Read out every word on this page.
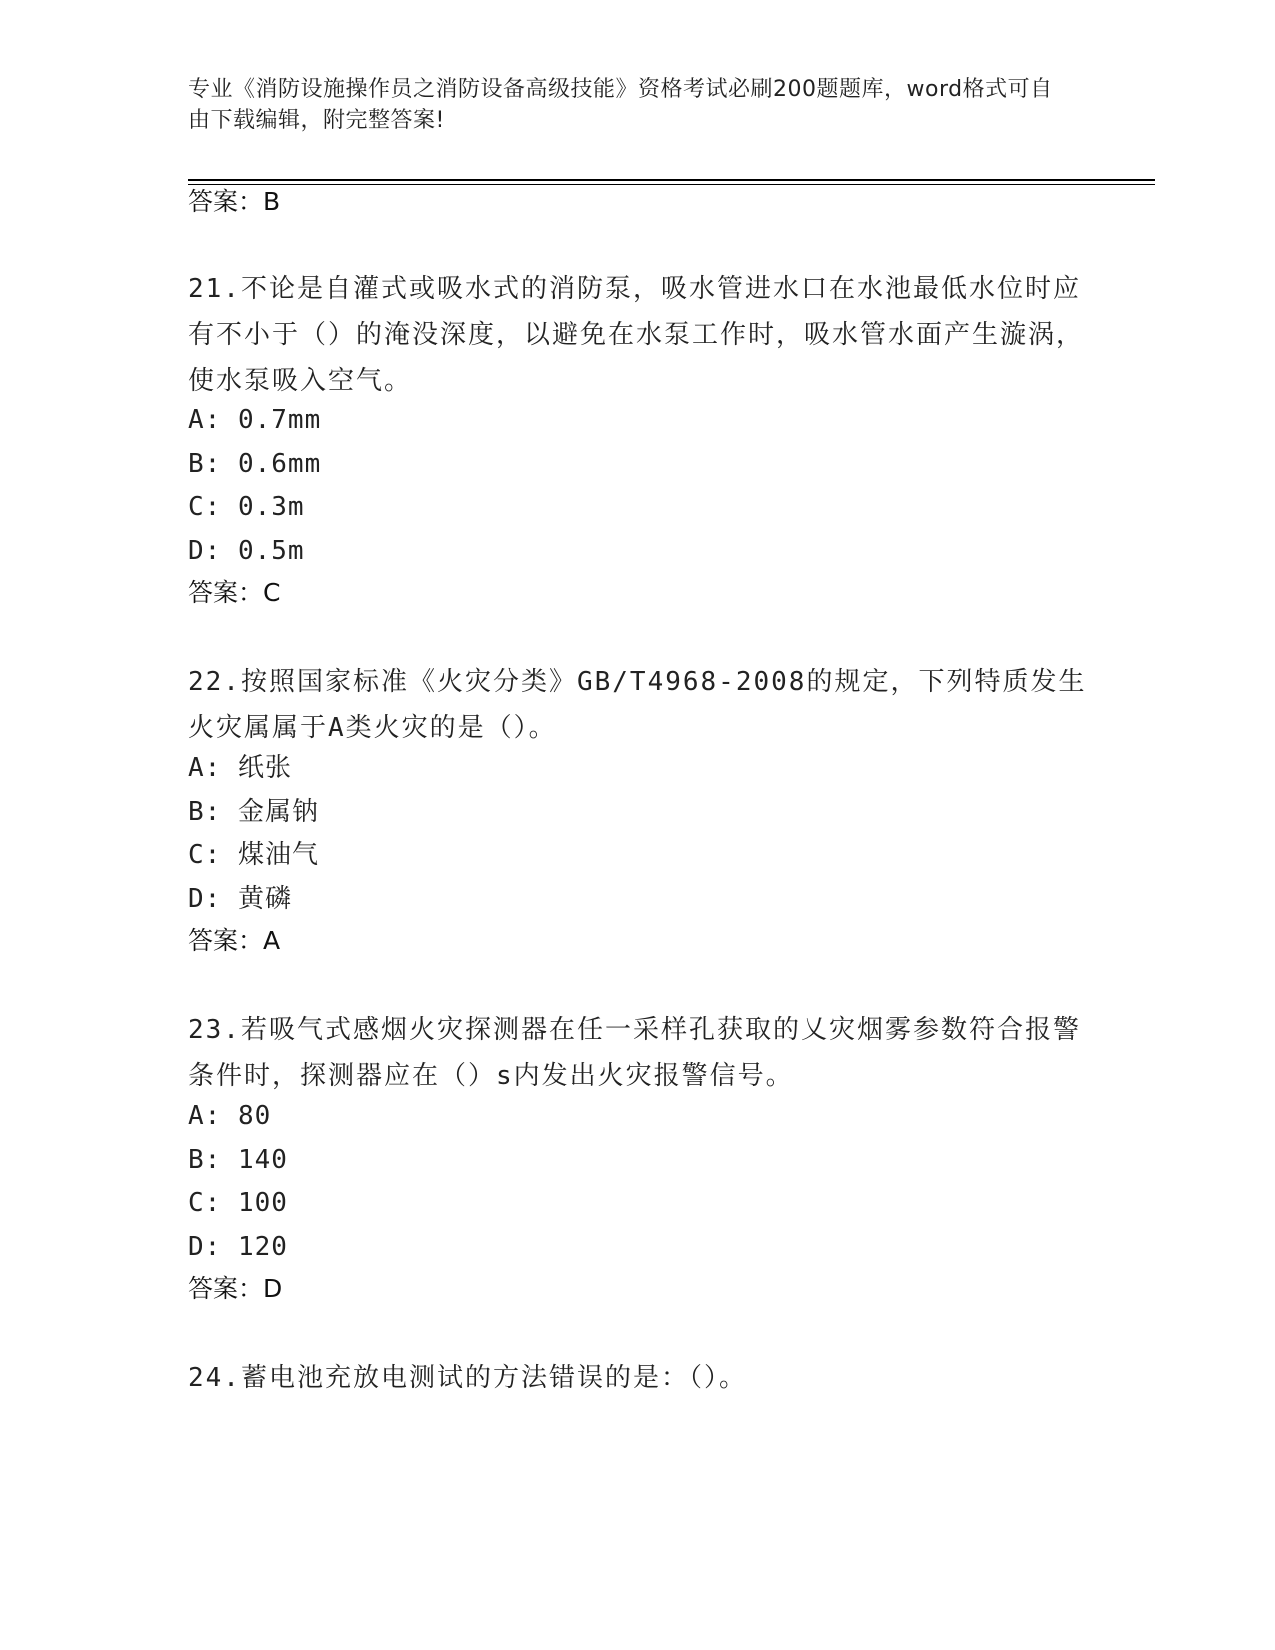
专业《消防设施操作员之消防设备高级技能》资格考试必刷200题题库，word格式可自由下载编辑，附完整答案!
答案：B
21.不论是自灌式或吸水式的消防泵，吸水管进水口在水池最低水位时应有不小于（）的淹没深度，以避免在水泵工作时，吸水管水面产生漩涡，使水泵吸入空气。
A: 0.7mm
B: 0.6mm
C: 0.3m
D: 0.5m
答案：C
22.按照国家标准《火灾分类》GB/T4968-2008的规定，下列特质发生火灾属属于A类火灾的是（）。
A: 纸张
B: 金属钠
C: 煤油气
D: 黄磷
答案：A
23.若吸气式感烟火灾探测器在任一采样孔获取的乂灾烟雾参数符合报警条件时，探测器应在（）s内发出火灾报警信号。
A: 80
B: 140
C: 100
D: 120
答案：D
24.蓄电池充放电测试的方法错误的是：（）。
